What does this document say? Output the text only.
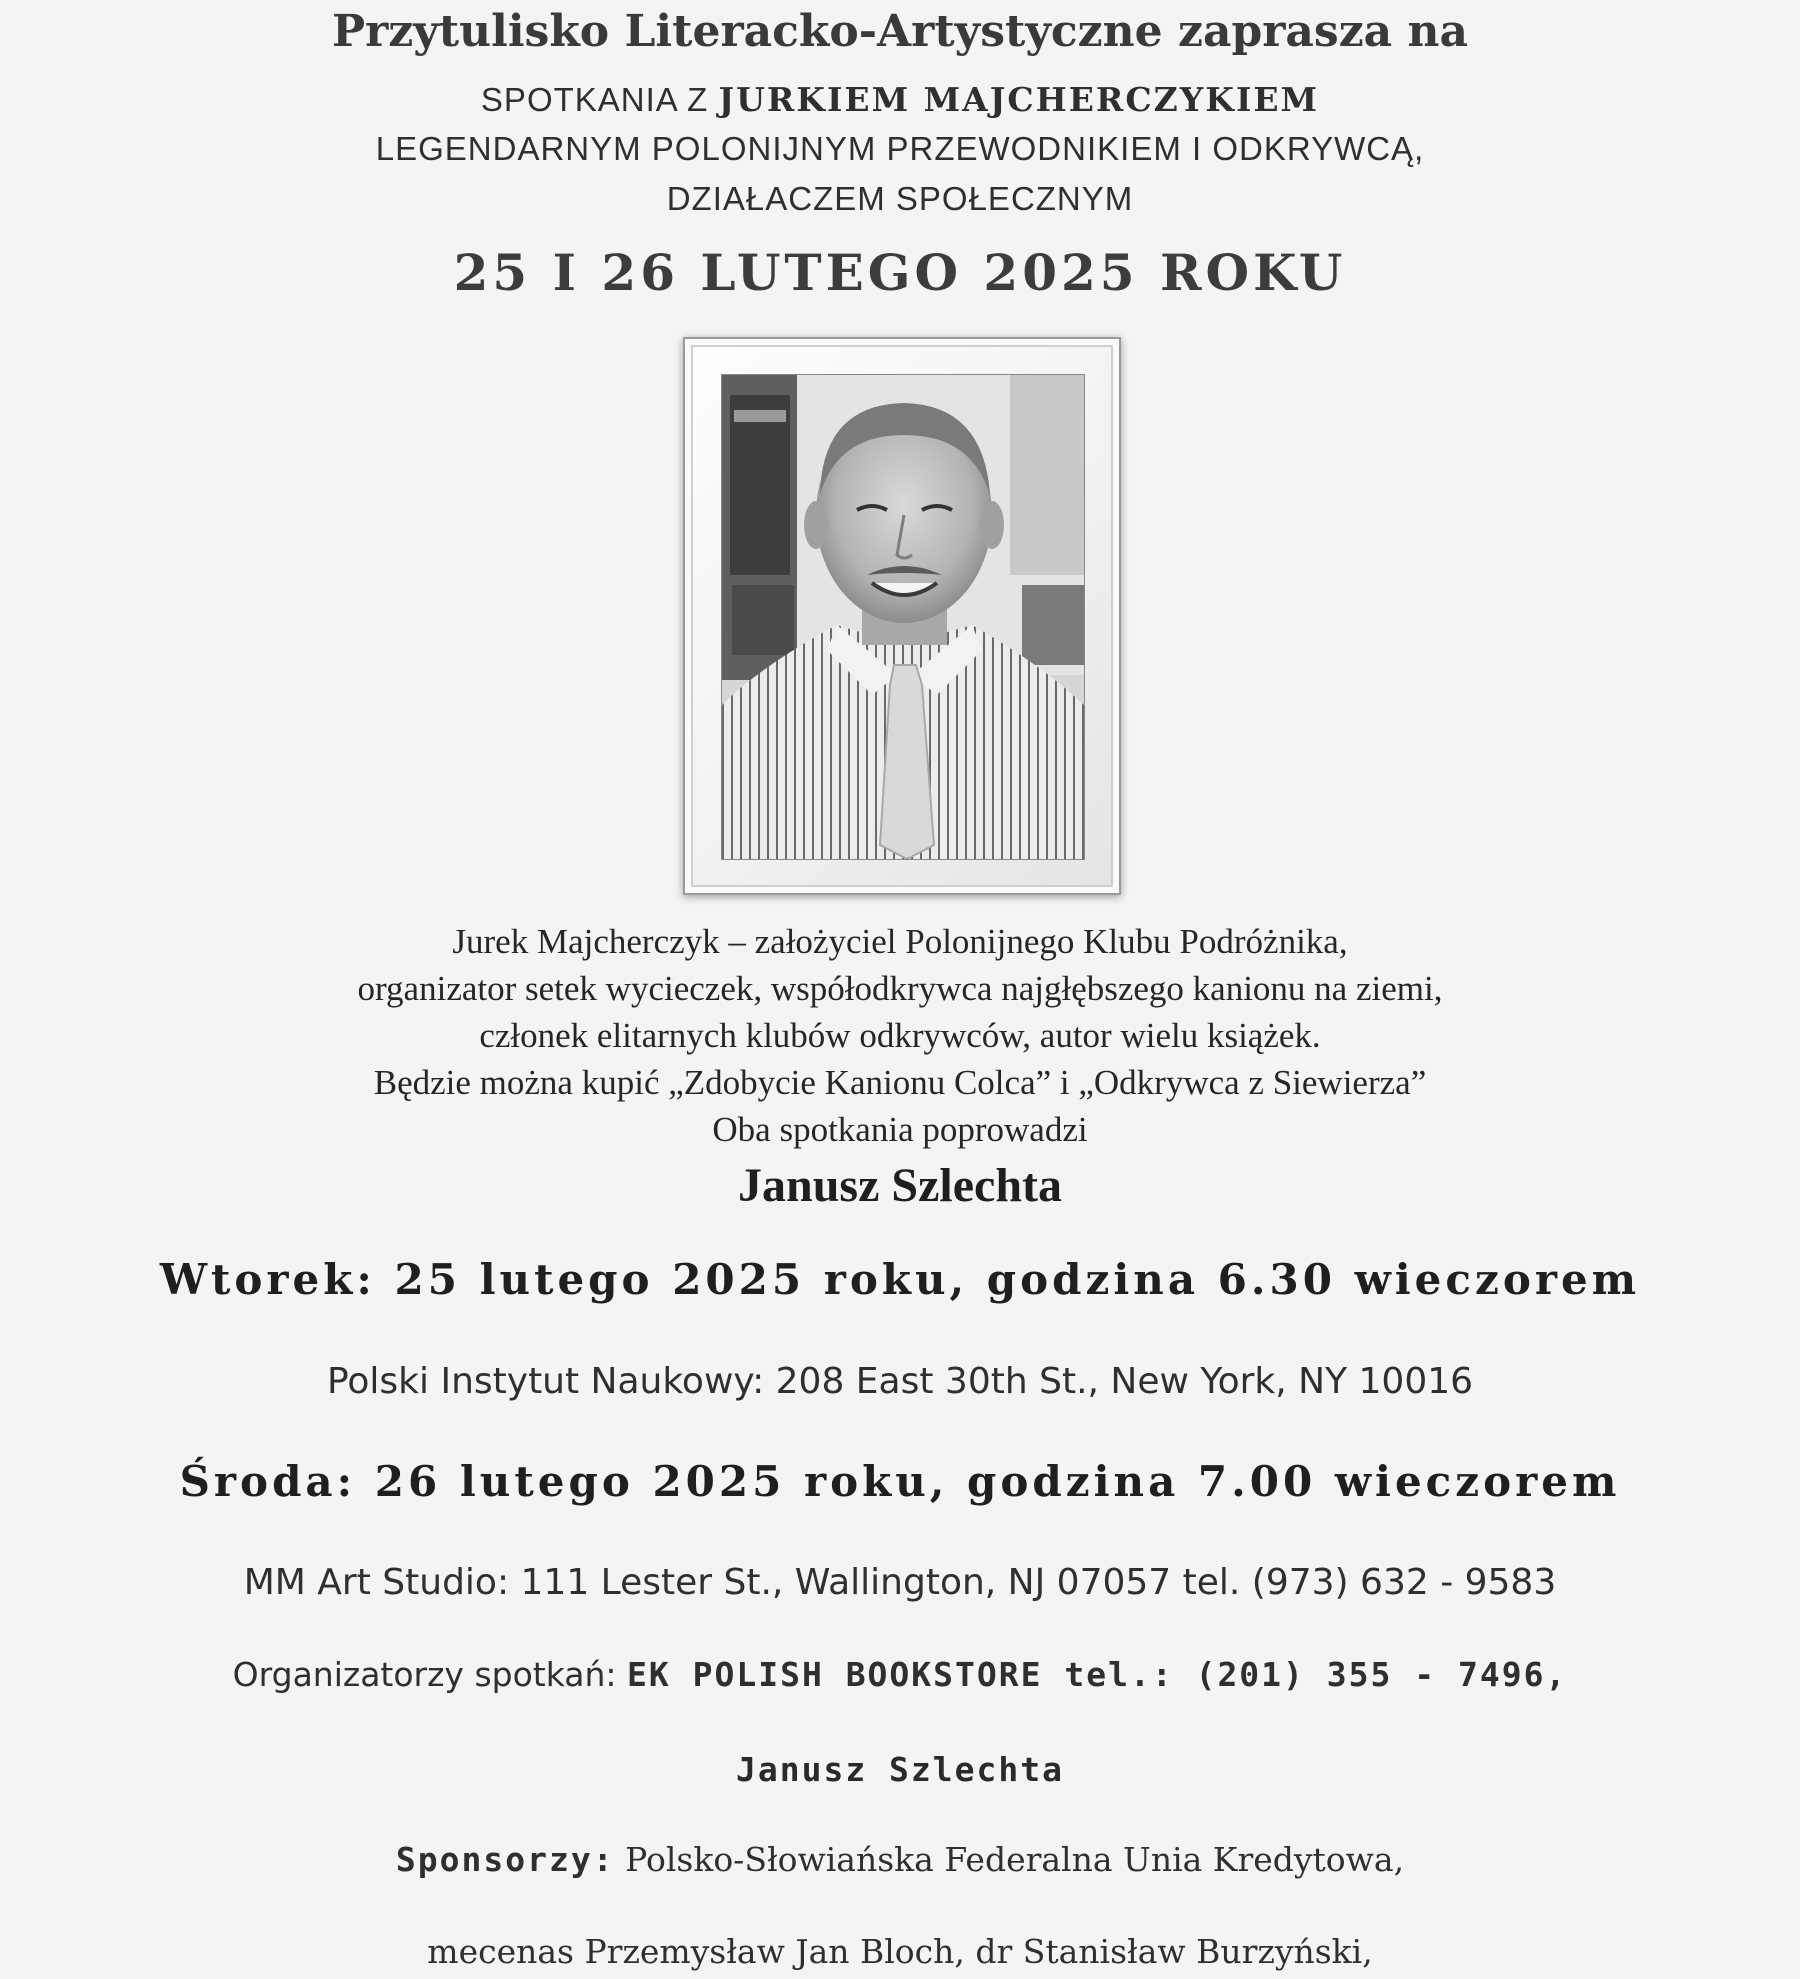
Przytulisko Literacko-Artystyczne zaprasza na

SPOTKANIA Z JURKIEM MAJCHERCZYKIEM

LEGENDARNYM POLONIJNYM PRZEWODNIKIEM I ODKRYWCĄ,

DZIAŁACZEM SPOŁECZNYM

25 I 26 LUTEGO 2025 ROKU

Jurek Majcherczyk – założyciel Polonijnego Klubu Podróżnika,

organizator setek wycieczek, współodkrywca najgłębszego kanionu na ziemi,

członek elitarnych klubów odkrywców, autor wielu książek.

Będzie można kupić „Zdobycie Kanionu Colca” i „Odkrywca z Siewierza”

Oba spotkania poprowadzi

Janusz Szlechta

Wtorek: 25 lutego 2025 roku, godzina 6.30 wieczorem

Polski Instytut Naukowy: 208 East 30th St., New York, NY 10016

Środa: 26 lutego 2025 roku, godzina 7.00 wieczorem

MM Art Studio: 111 Lester St., Wallington, NJ 07057 tel. (973) 632 - 9583

Organizatorzy spotkań: EK POLISH BOOKSTORE tel.: (201) 355 - 7496,

Janusz Szlechta

Sponsorzy: Polsko-Słowiańska Federalna Unia Kredytowa,

mecenas Przemysław Jan Bloch, dr Stanisław Burzyński,
